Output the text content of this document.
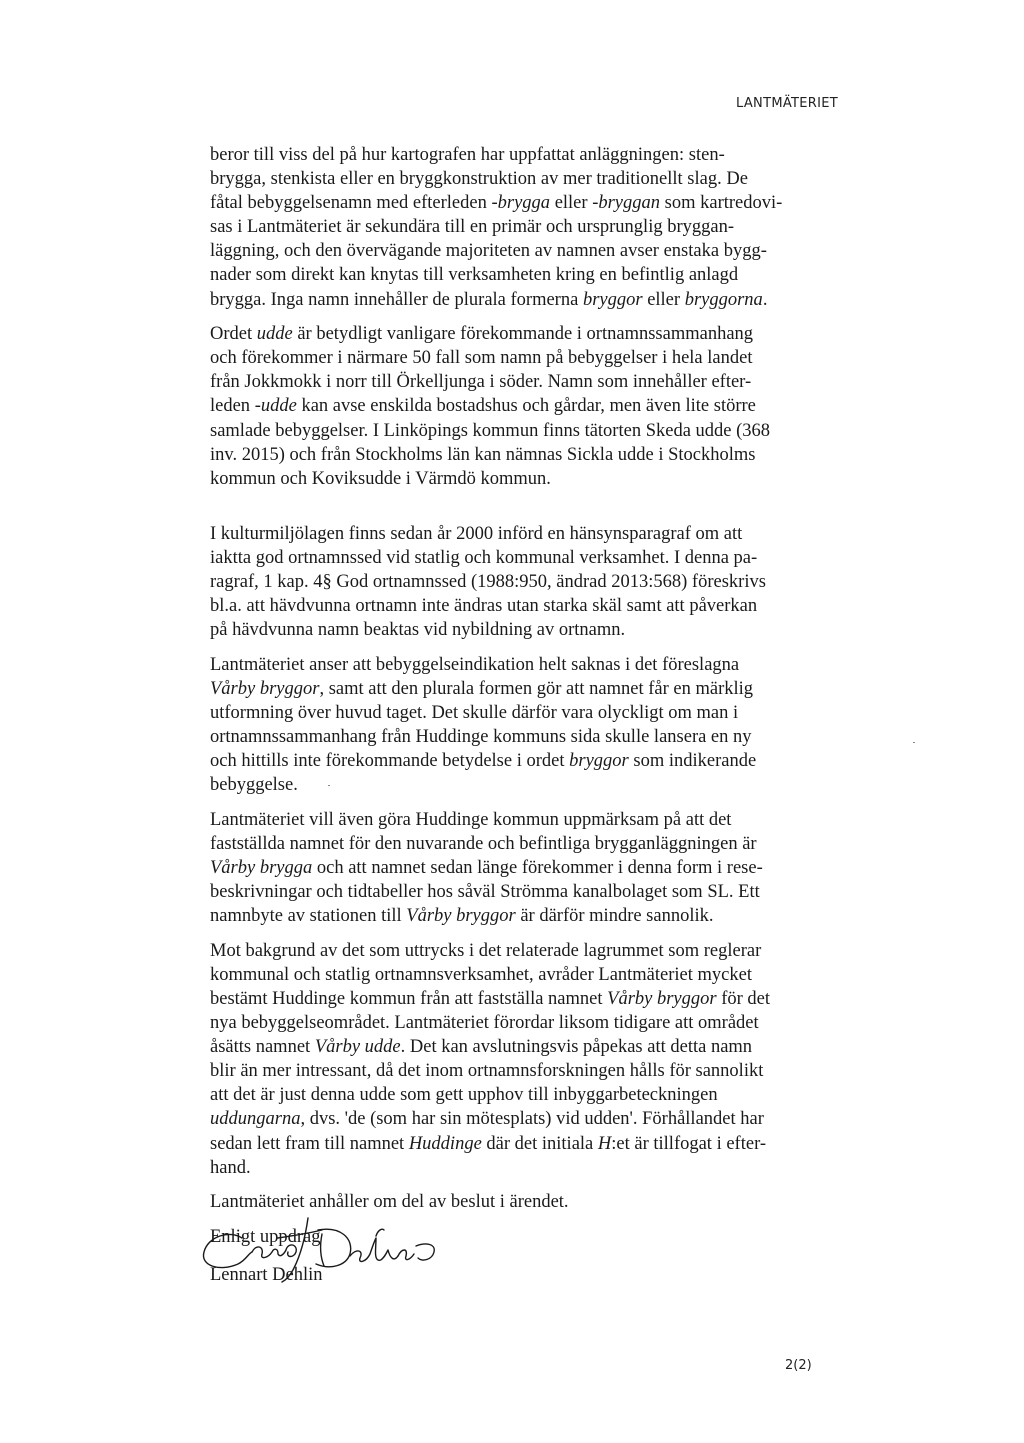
LANTMÄTERIET

beror till viss del på hur kartografen har uppfattat anläggningen: sten-
brygga, stenkista eller en bryggkonstruktion av mer traditionellt slag. De
fåtal bebyggelsenamn med efterleden -brygga eller -bryggan som kartredovi-
sas i Lantmäteriet är sekundära till en primär och ursprunglig bryggan-
läggning, och den övervägande majoriteten av namnen avser enstaka bygg-
nader som direkt kan knytas till verksamheten kring en befintlig anlagd
brygga. Inga namn innehåller de plurala formerna bryggor eller bryggorna.

Ordet udde är betydligt vanligare förekommande i ortnamnssammanhang
och förekommer i närmare 50 fall som namn på bebyggelser i hela landet
från Jokkmokk i norr till Örkelljunga i söder. Namn som innehåller efter-
leden -udde kan avse enskilda bostadshus och gårdar, men även lite större
samlade bebyggelser. I Linköpings kommun finns tätorten Skeda udde (368
inv. 2015) och från Stockholms län kan nämnas Sickla udde i Stockholms
kommun och Koviksudde i Värmdö kommun.

I kulturmiljölagen finns sedan år 2000 införd en hänsynsparagraf om att
iaktta god ortnamnssed vid statlig och kommunal verksamhet. I denna pa-
ragraf, 1 kap. 4§ God ortnamnssed (1988:950, ändrad 2013:568) föreskrivs
bl.a. att hävdvunna ortnamn inte ändras utan starka skäl samt att påverkan
på hävdvunna namn beaktas vid nybildning av ortnamn.

Lantmäteriet anser att bebyggelseindikation helt saknas i det föreslagna
Vårby bryggor, samt att den plurala formen gör att namnet får en märklig
utformning över huvud taget. Det skulle därför vara olyckligt om man i
ortnamnssammanhang från Huddinge kommuns sida skulle lansera en ny
och hittills inte förekommande betydelse i ordet bryggor som indikerande
bebyggelse.

Lantmäteriet vill även göra Huddinge kommun uppmärksam på att det
fastställda namnet för den nuvarande och befintliga brygganläggningen är
Vårby brygga och att namnet sedan länge förekommer i denna form i rese-
beskrivningar och tidtabeller hos såväl Strömma kanalbolaget som SL. Ett
namnbyte av stationen till Vårby bryggor är därför mindre sannolik.

Mot bakgrund av det som uttrycks i det relaterade lagrummet som reglerar
kommunal och statlig ortnamnsverksamhet, avråder Lantmäteriet mycket
bestämt Huddinge kommun från att fastställa namnet Vårby bryggor för det
nya bebyggelseområdet. Lantmäteriet förordar liksom tidigare att området
åsätts namnet Vårby udde. Det kan avslutningsvis påpekas att detta namn
blir än mer intressant, då det inom ortnamnsforskningen hålls för sannolikt
att det är just denna udde som gett upphov till inbyggarbeteckningen
uddungarna, dvs. 'de (som har sin mötesplats) vid udden'. Förhållandet har
sedan lett fram till namnet Huddinge där det initiala H:et är tillfogat i efter-
hand.

Lantmäteriet anhåller om del av beslut i ärendet.

Enligt uppdrag

Lennart Dehlin
2(2)
